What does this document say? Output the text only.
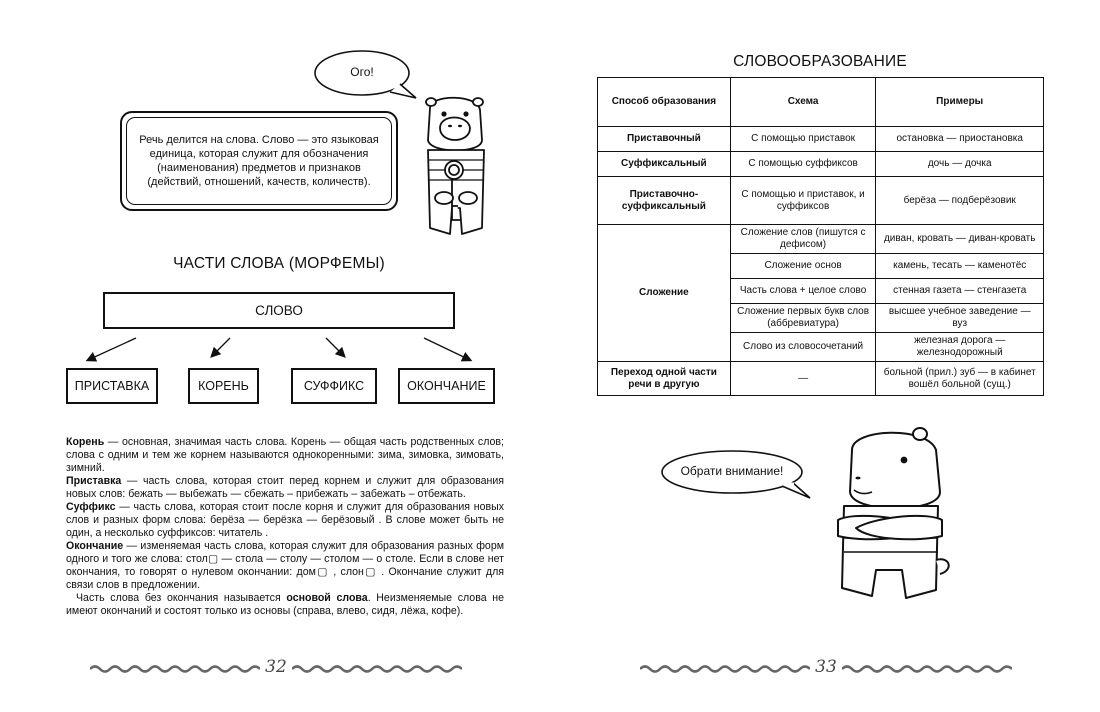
Ого!
Речь делится на слова. Слово — это языковая единица, которая служит для обозначения (наименования) предметов и признаков (действий, отношений, качеств, количеств).
ЧАСТИ СЛОВА (МОРФЕМЫ)
СЛОВО
ПРИСТАВКА	КОРЕНЬ	СУФФИКС	ОКОНЧАНИЕ

Корень — основная, значимая часть слова. Корень — общая часть родственных слов; слова с одним и тем же корнем называются однокоренными: зима, зимовка, зимовать, зимний.

Приставка — часть слова, которая стоит перед корнем и служит для образования новых слов: бежать — выбежать — сбежать – прибежать – забежать – отбежать.

Суффикс — часть слова, которая стоит после корня и служит для образования новых слов и разных форм слова: берёза — берёзка — берёзовый . В слове может быть не один, а несколько суффиксов: читатель .

Окончание — изменяемая часть слова, которая служит для образования разных форм одного и того же слова: стол▢ — стола — столу — столом — о столе. Если в слове нет окончания, то говорят о нулевом окончании: дом▢ , слон▢ . Окончание служит для связи слов в предложении.

Часть слова без окончания называется основой слова. Неизменяемые слова не имеют окончаний и состоят только из основы (справа, влево, сидя, лёжа, кофе).

32
СЛОВООБРАЗОВАНИЕ
Способ образования	Схема	Примеры
Приставочный	С помощью приставок	остановка — приостановка
Суффиксальный	С помощью суффиксов	дочь — дочка
Приставочно-суффиксальный	С помощью и приставок, и суффиксов	берёза — подберёзовик
Сложение	Сложение слов (пишутся с дефисом)	диван, кровать — диван-кровать
	Сложение основ	камень, тесать — каменотёс
	Часть слова + целое слово	стенная газета — стенгазета
	Сложение первых букв слов (аббревиатура)	высшее учебное заведение — вуз
	Слово из словосочетаний	железная дорога — железнодорожный
Переход одной части речи в другую	—	больной (прил.) зуб — в кабинет
вошёл больной (сущ.)
Обрати внимание!
33
